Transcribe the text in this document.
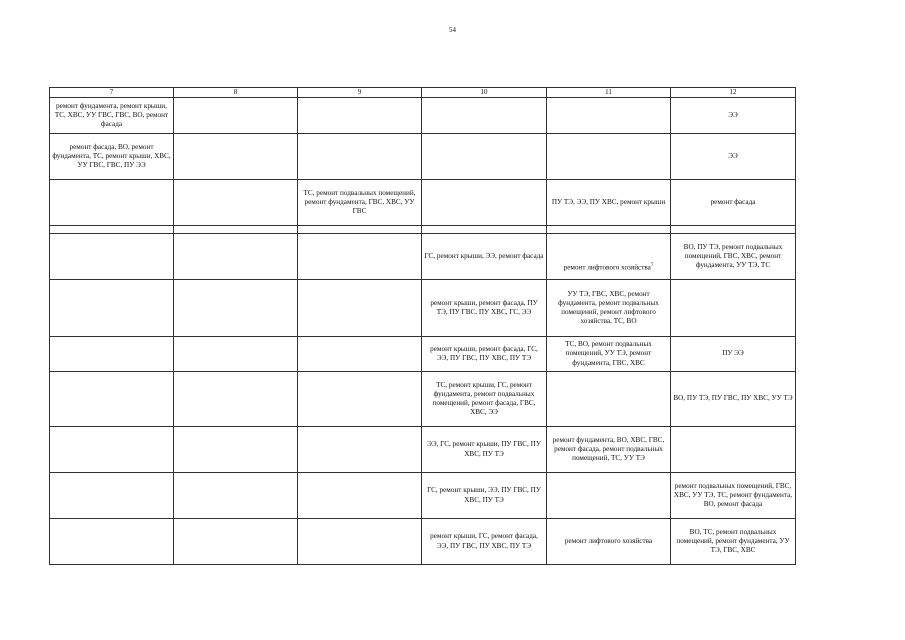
54
7	8	9	10	11	12
ремонт фундамента, ремонт крыши, ТС, ХВС, УУ ГВС, ГВС, ВО, ремонт фасада					ЭЭ
ремонт фасада, ВО, ремонт фундамента, ТС, ремонт крыши, ХВС, УУ ГВС, ГВС, ПУ ЭЭ					ЭЭ
		ТС, ремонт подвальных помещений, ремонт фундамента, ГВС, ХВС, УУ ГВС		ПУ ТЭ, ЭЭ, ПУ ХВС, ремонт крыши	ремонт фасада

			ГС, ремонт крыши, ЭЭ, ремонт фасада	ремонт лифтового хозяйства$^7$	ВО, ПУ ТЭ, ремонт подвальных помещений, ГВС, ХВС, ремонт фундамента, УУ ТЭ, ТС
			ремонт крыши, ремонт фасада, ПУ ТЭ, ПУ ГВС, ПУ ХВС, ГС, ЭЭ	УУ ТЭ, ГВС, ХВС, ремонт фундамента, ремонт подвальных помещений, ремонт лифтового хозяйства, ТС, ВО	
			ремонт крыши, ремонт фасада, ГС, ЭЭ, ПУ ГВС, ПУ ХВС, ПУ ТЭ	ТС, ВО, ремонт подвальных помещений, УУ ТЭ, ремонт фундамента, ГВС, ХВС	ПУ ЭЭ
			ТС, ремонт крыши, ГС, ремонт фундамента, ремонт подвальных помещений, ремонт фасада, ГВС, ХВС, ЭЭ		ВО, ПУ ТЭ, ПУ ГВС, ПУ ХВС, УУ ТЭ
			ЭЭ, ГС, ремонт крыши, ПУ ГВС, ПУ ХВС, ПУ ТЭ	ремонт фундамента, ВО, ХВС, ГВС, ремонт фасада, ремонт подвальных помещений, ТС, УУ ТЭ	
			ГС, ремонт крыши, ЭЭ, ПУ ГВС, ПУ ХВС, ПУ ТЭ		ремонт подвальных помещений, ГВС, ХВС, УУ ТЭ, ТС, ремонт фундамента, ВО, ремонт фасада
			ремонт крыши, ГС, ремонт фасада, ЭЭ, ПУ ГВС, ПУ ХВС, ПУ ТЭ	ремонт лифтового хозяйства	ВО, ТС, ремонт подвальных помещений, ремонт фундамента, УУ ТЭ, ГВС, ХВС
